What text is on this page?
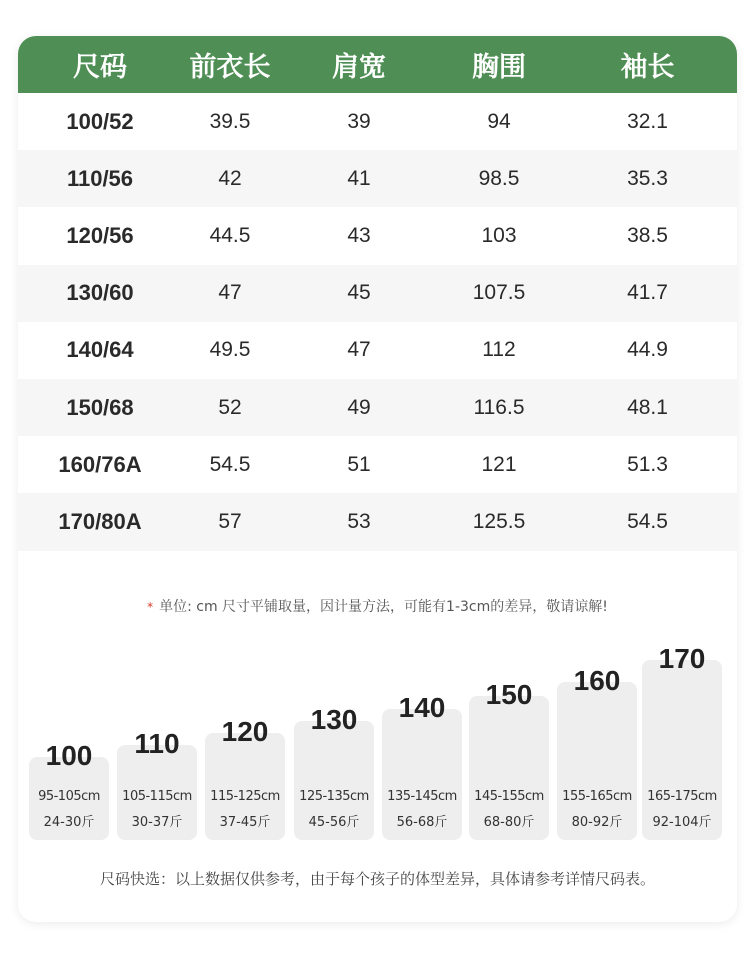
尺码	前衣长	肩宽	胸围	袖长
100/52	39.5	39	94	32.1
110/56	42	41	98.5	35.3
120/56	44.5	43	103	38.5
130/60	47	45	107.5	41.7
140/64	49.5	47	112	44.9
150/68	52	49	116.5	48.1
160/76A	54.5	51	121	51.3
170/80A	57	53	125.5	54.5
* 单位: cm 尺寸平铺取量，因计量方法，可能有1-3cm的差异，敬请谅解!
100
95-105cm
24-30斤
110
105-115cm
30-37斤
120
115-125cm
37-45斤
130
125-135cm
45-56斤
140
135-145cm
56-68斤
150
145-155cm
68-80斤
160
155-165cm
80-92斤
170
165-175cm
92-104斤
尺码快选：以上数据仅供参考，由于每个孩子的体型差异，具体请参考详情尺码表。
